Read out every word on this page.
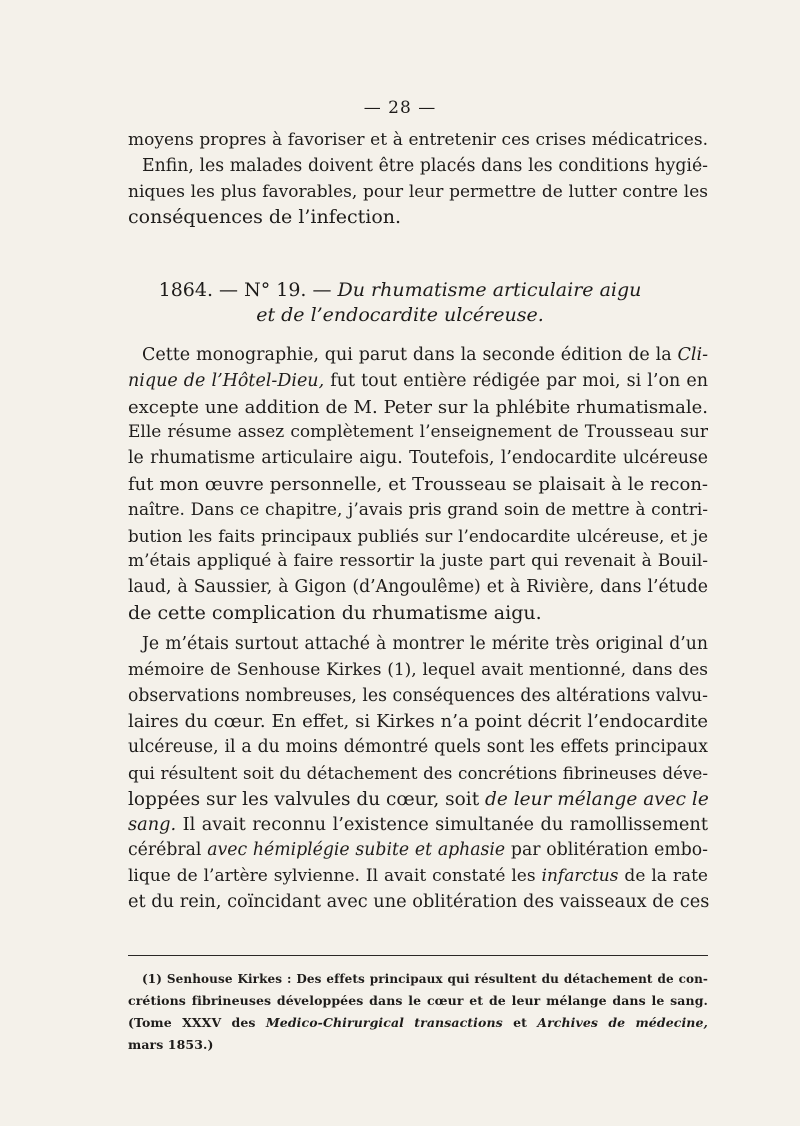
— 28 —
moyens propres à favoriser et à entretenir ces crises médicatrices.
Enfin, les malades doivent être placés dans les conditions hygié-
niques les plus favorables, pour leur permettre de lutter contre les
conséquences de l’infection.
1864. — N° 19. — Du rhumatisme articulaire aigu
et de l’endocardite ulcéreuse.
Cette monographie, qui parut dans la seconde édition de la Cli-
nique de l’Hôtel-Dieu, fut tout entière rédigée par moi, si l’on en
excepte une addition de M. Peter sur la phlébite rhumatismale.
Elle résume assez complètement l’enseignement de Trousseau sur
le rhumatisme articulaire aigu. Toutefois, l’endocardite ulcéreuse
fut mon œuvre personnelle, et Trousseau se plaisait à le recon-
naître. Dans ce chapitre, j’avais pris grand soin de mettre à contri-
bution les faits principaux publiés sur l’endocardite ulcéreuse, et je
m’étais appliqué à faire ressortir la juste part qui revenait à Bouil-
laud, à Saussier, à Gigon (d’Angoulême) et à Rivière, dans l’étude
de cette complication du rhumatisme aigu.
Je m’étais surtout attaché à montrer le mérite très original d’un
mémoire de Senhouse Kirkes (1), lequel avait mentionné, dans des
observations nombreuses, les conséquences des altérations valvu-
laires du cœur. En effet, si Kirkes n’a point décrit l’endocardite
ulcéreuse, il a du moins démontré quels sont les effets principaux
qui résultent soit du détachement des concrétions fibrineuses déve-
loppées sur les valvules du cœur, soit de leur mélange avec le
sang. Il avait reconnu l’existence simultanée du ramollissement
cérébral avec hémiplégie subite et aphasie par oblitération embo-
lique de l’artère sylvienne. Il avait constaté les infarctus de la rate
et du rein, coïncidant avec une oblitération des vaisseaux de ces
(1) Senhouse Kirkes : Des effets principaux qui résultent du détachement de con-
crétions fibrineuses développées dans le cœur et de leur mélange dans le sang.
(Tome XXXV des Medico-Chirurgical transactions et Archives de médecine,
mars 1853.)
